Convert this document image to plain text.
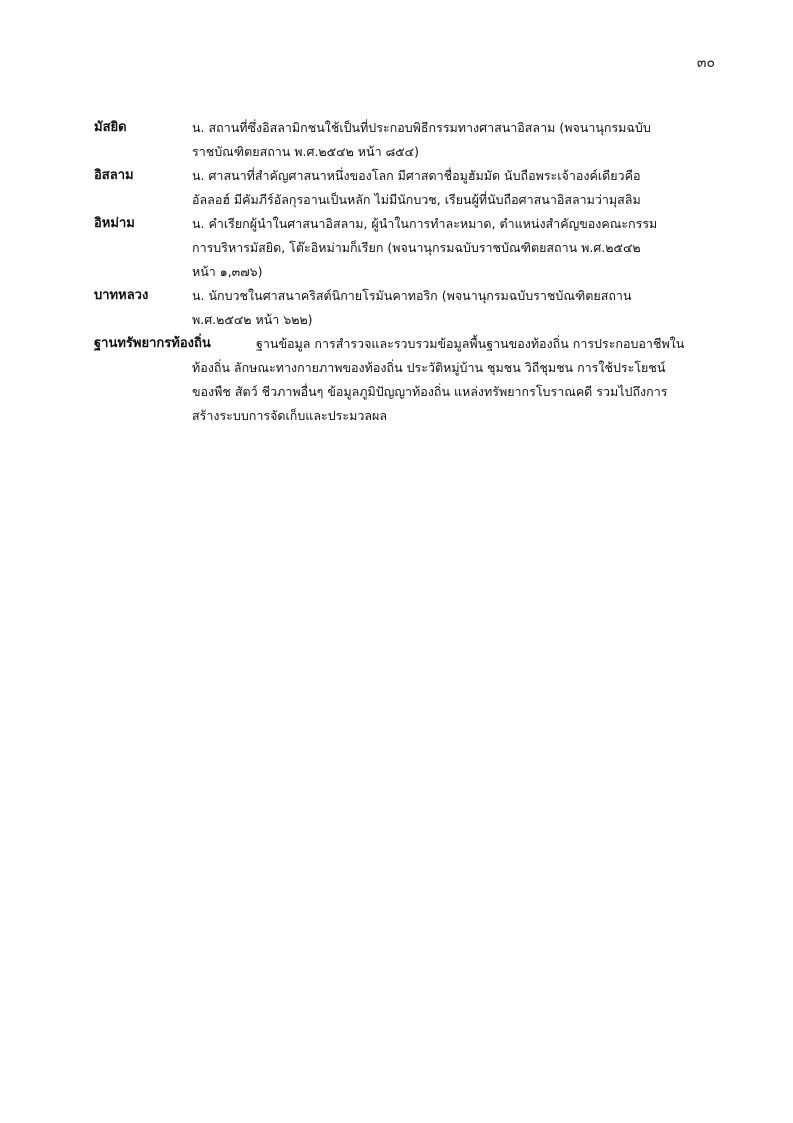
๓๐
มัสยิด	น. สถานที่ซึ่งอิสลามิกชนใช้เป็นที่ประกอบพิธีกรรมทางศาสนาอิสลาม (พจนานุกรมฉบับ
ราชบัณฑิตยสถาน พ.ศ.๒๕๔๒ หน้า ๘๕๔)
อิสลาม	น. ศาสนาที่สำคัญศาสนาหนึ่งของโลก มีศาสดาชื่อมูฮัมมัด นับถือพระเจ้าองค์เดียวคือ
อัลลอฮ์ มีคัมภีร์อัลกุรอานเป็นหลัก ไม่มีนักบวช, เรียนผู้ที่นับถือศาสนาอิสลามว่ามุสลิม
อิหม่าม	น. คำเรียกผู้นำในศาสนาอิสลาม, ผู้นำในการทำละหมาด, ตำแหน่งสำคัญของคณะกรรม
การบริหารมัสยิด, โต๊ะอิหม่ามก็เรียก (พจนานุกรมฉบับราชบัณฑิตยสถาน พ.ศ.๒๕๔๒
หน้า ๑,๓๗๖)
บาทหลวง	น. นักบวชในศาสนาคริสต์นิกายโรมันคาทอริก (พจนานุกรมฉบับราชบัณฑิตยสถาน
พ.ศ.๒๕๔๒ หน้า ๖๒๒)
ฐานทรัพยากรท้องถิ่น	ฐานข้อมูล การสำรวจและรวบรวมข้อมูลพื้นฐานของท้องถิ่น การประกอบอาชีพใน
ท้องถิ่น ลักษณะทางกายภาพของท้องถิ่น ประวัติหมู่บ้าน ชุมชน วิถีชุมชน การใช้ประโยชน์
ของพืช สัตว์ ชีวภาพอื่นๆ ข้อมูลภูมิปัญญาท้องถิ่น แหล่งทรัพยากรโบราณคดี รวมไปถึงการ
สร้างระบบการจัดเก็บและประมวลผล
